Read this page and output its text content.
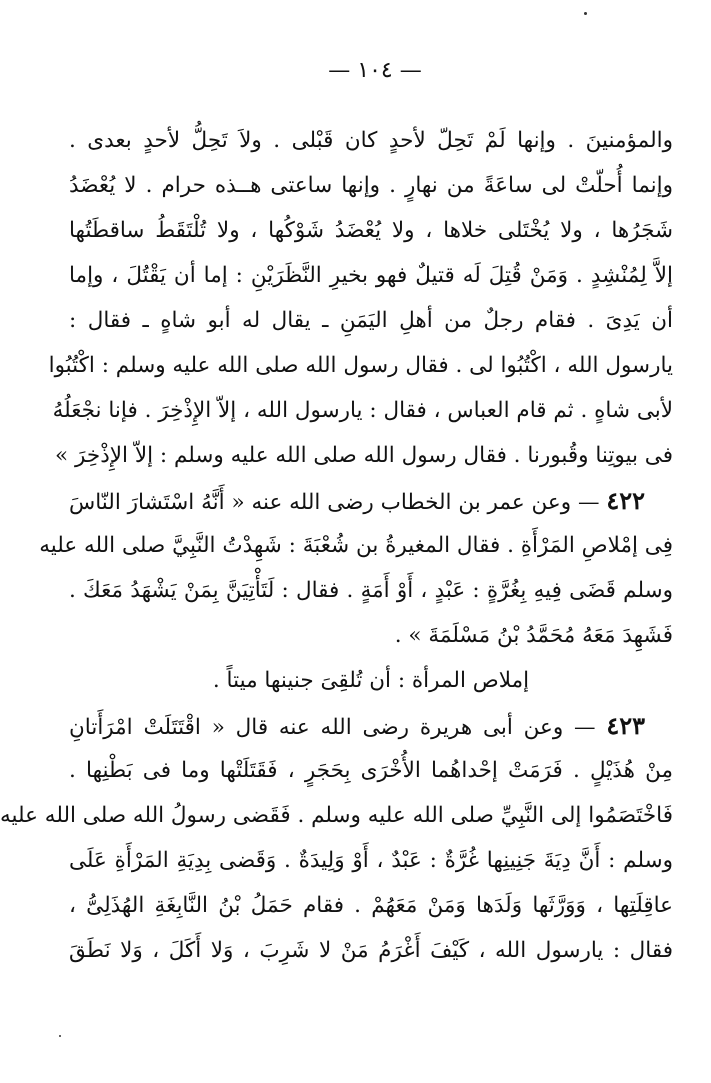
— ١٠٤ —
والمؤمنينَ . وإنها لَمْ تَحِلّ لأحدٍ كان قَبْلى . ولاَ تَحِلُّ لأحدٍ بعدى .
وإنما أُحلّتْ لى ساعَةً من نهارٍ . وإنها ساعتى هــذه حرام . لا يُعْضَدُ
شَجَرُها ، ولا يُخْتَلى خلاها ، ولا يُعْضَدُ شَوْكُها ، ولا تُلْتَقَطُ ساقطَتُها
إلاَّ لِمُنْشِدٍ . وَمَنْ قُتِلَ لَه قتيلٌ فهو بخيرِ النَّظَرَيْنِ : إما أن يَقْتُلَ ، وإما
أن يَدِىَ . فقام رجلٌ من أهلِ اليَمَنِ ـ يقال له أبو شاهٍ ـ فقال :
يارسول الله ، اكْتُبُوا لى . فقال رسول الله صلى الله عليه وسلم : اكْتُبُوا
لأبى شاهٍ . ثم قام العباس ، فقال : يارسول الله ، إلاّ الإِذْخِرَ . فإنا نجْعَلُهُ
فى بيوتِنا وقُبورنا . فقال رسول الله صلى الله عليه وسلم : إلاّ الإِذْخِرَ »
٤٢٢ — وعن عمر بن الخطاب رضى الله عنه « أَنَّهُ اسْتَشارَ النّاسَ
فِى إمْلاصِ المَرْأَةِ . فقال المغيرةُ بن شُعْبَةَ : شَهِدْتُ النَّبِيَّ صلى الله عليه
وسلم قَضَى فِيهِ بِغُرَّةٍ : عَبْدٍ ، أَوْ أَمَةٍ . فقال : لَتَأْتِيَنَّ بِمَنْ يَشْهَدُ مَعَكَ .
فَشَهِدَ مَعَهُ مُحَمَّدُ بْنُ مَسْلَمَةَ » .
إملاص المرأة : أن تُلقِىَ جنينها ميتاً .
٤٢٣ — وعن أبى هريرة رضى الله عنه قال « اقْتَتَلَتْ امْرَأَتانِ
مِنْ هُذَيْلٍ . فَرَمَتْ إحْداهُما الأُخْرَى بِحَجَرٍ ، فَقَتَلَتْها وما فى بَطْنِها .
فَاخْتَصَمُوا إلى النَّبِيِّ صلى الله عليه وسلم . فَقَضى رسولُ الله صلى الله عليه
وسلم : أَنَّ دِيَةَ جَنِينِها غُرَّةٌ : عَبْدٌ ، أَوْ وَلِيدَةٌ . وَقَضى بِدِيَةِ المَرْأَةِ عَلَى
عاقِلَتِها ، وَوَرَّثَها وَلَدَها وَمَنْ مَعَهُمْ . فقام حَمَلُ بْنُ النَّابِغَةِ الهُذَلِىُّ ،
فقال : يارسول الله ، كَيْفَ أَغْرَمُ مَنْ لا شَرِبَ ، وَلا أَكَلَ ، وَلا نَطَقَ
